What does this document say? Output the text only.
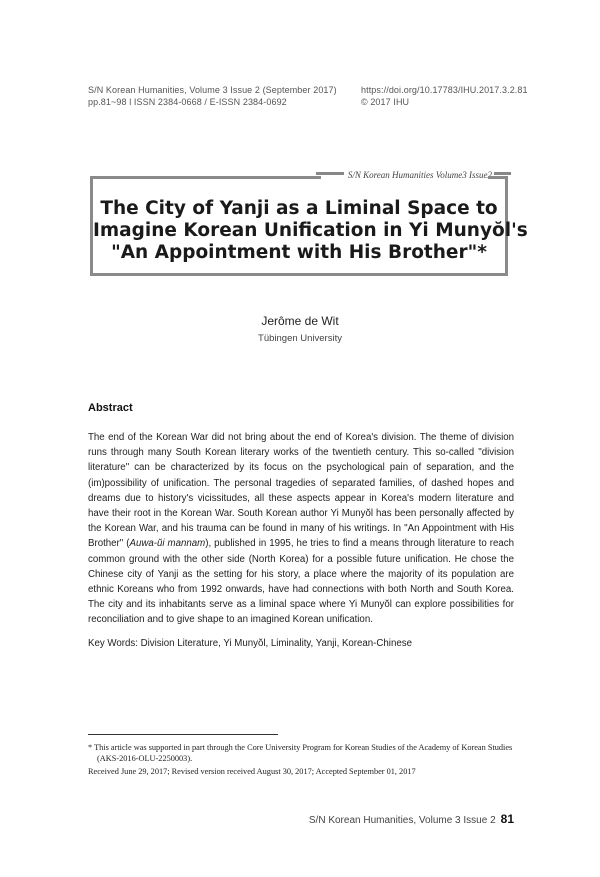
S/N Korean Humanities, Volume 3 Issue 2 (September 2017)
pp.81~98 l ISSN 2384-0668 / E-ISSN 2384-0692
https://doi.org/10.17783/IHU.2017.3.2.81
© 2017 IHU
S/N Korean Humanities Volume3 Issue2
The City of Yanji as a Liminal Space to
Imagine Korean Unification in Yi Munyŏl's
"An Appointment with His Brother"*
Jerôme de Wit
Tübingen University
Abstract
The end of the Korean War did not bring about the end of Korea's division. The theme of division runs through many South Korean literary works of the twentieth century. This so-called "division literature" can be characterized by its focus on the psychological pain of separation, and the (im)possibility of unification. The personal tragedies of separated families, of dashed hopes and dreams due to history's vicissitudes, all these aspects appear in Korea's modern literature and have their root in the Korean War. South Korean author Yi Munyŏl has been personally affected by the Korean War, and his trauma can be found in many of his writings. In "An Appointment with His Brother" (Auwa-ŭi mannam), published in 1995, he tries to find a means through literature to reach common ground with the other side (North Korea) for a possible future unification. He chose the Chinese city of Yanji as the setting for his story, a place where the majority of its population are ethnic Koreans who from 1992 onwards, have had connections with both North and South Korea. The city and its inhabitants serve as a liminal space where Yi Munyŏl can explore possibilities for reconciliation and to give shape to an imagined Korean unification.
Key Words: Division Literature, Yi Munyŏl, Liminality, Yanji, Korean-Chinese
* This article was supported in part through the Core University Program for Korean Studies of the Academy of Korean Studies (AKS-2016-OLU-2250003).
Received June 29, 2017; Revised version received August 30, 2017; Accepted September 01, 2017
S/N Korean Humanities, Volume 3 Issue 2 81
